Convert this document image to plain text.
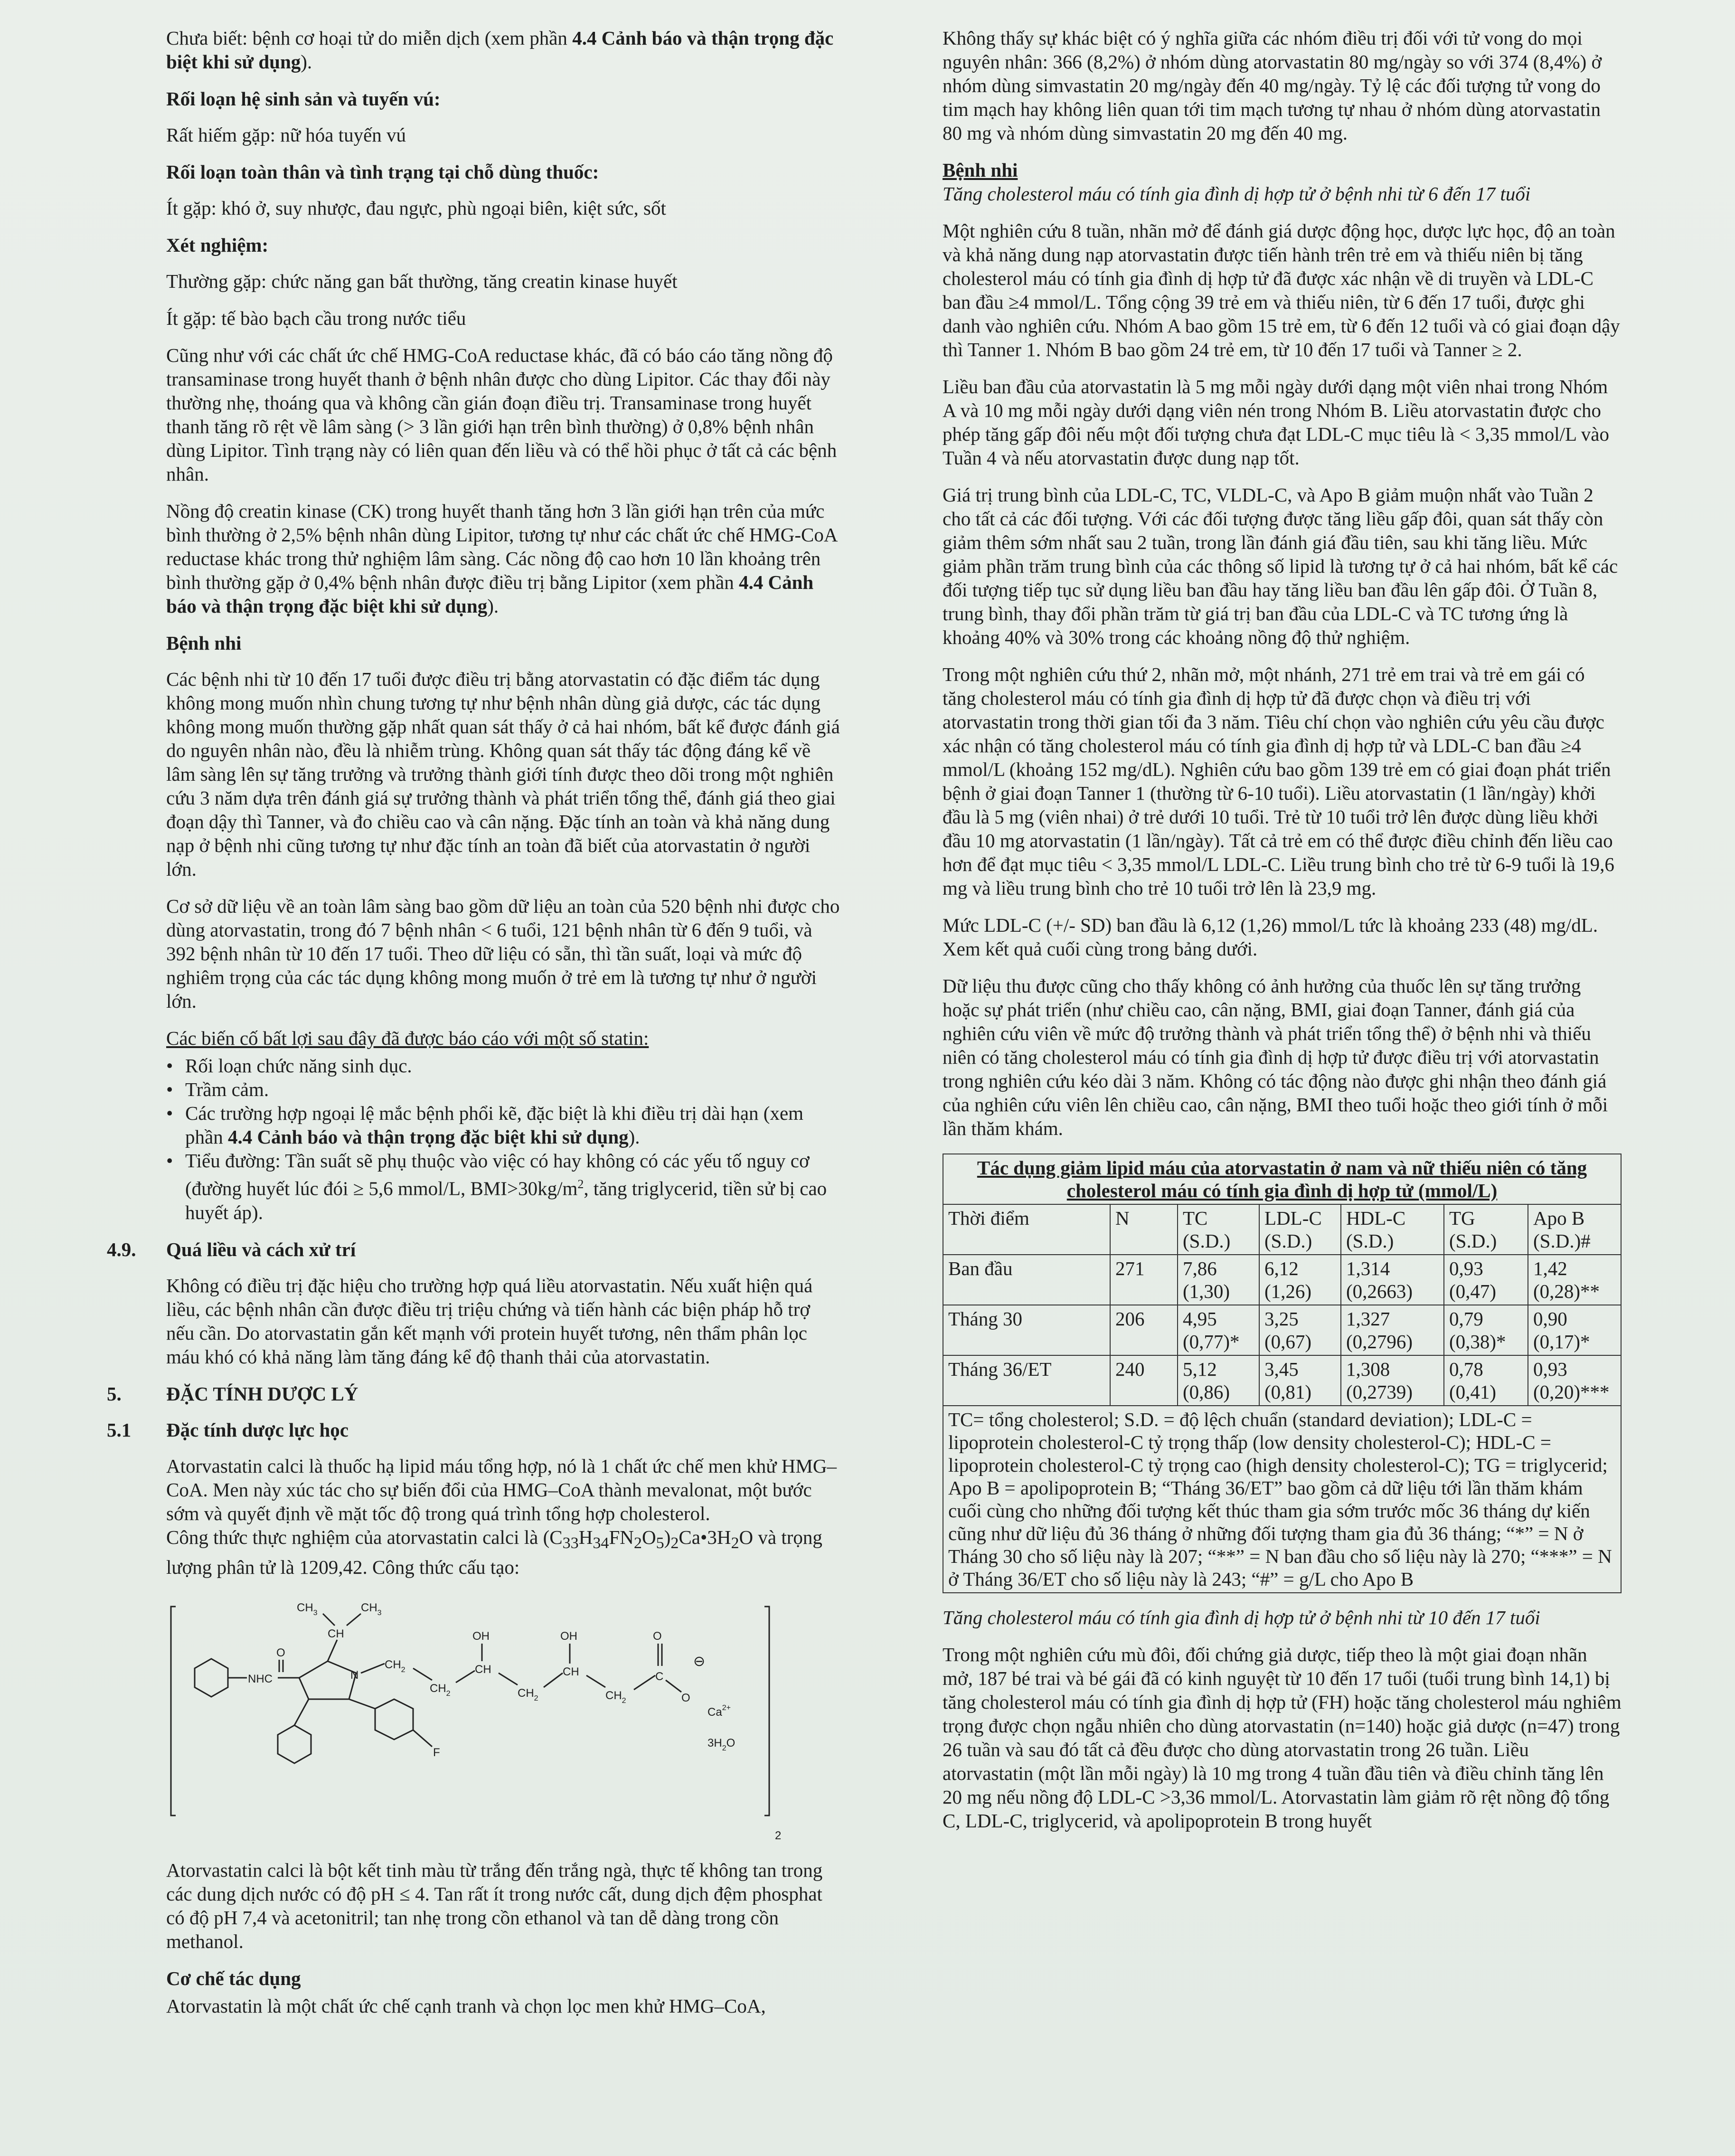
Chưa biết: bệnh cơ hoại tử do miễn dịch (xem phần 4.4 Cảnh báo và thận trọng đặc biệt khi sử dụng).

Rối loạn hệ sinh sản và tuyến vú:

Rất hiếm gặp: nữ hóa tuyến vú

Rối loạn toàn thân và tình trạng tại chỗ dùng thuốc:

Ít gặp: khó ở, suy nhược, đau ngực, phù ngoại biên, kiệt sức, sốt

Xét nghiệm:

Thường gặp: chức năng gan bất thường, tăng creatin kinase huyết

Ít gặp: tế bào bạch cầu trong nước tiểu

Cũng như với các chất ức chế HMG-CoA reductase khác, đã có báo cáo tăng nồng độ transaminase trong huyết thanh ở bệnh nhân được cho dùng Lipitor. Các thay đổi này thường nhẹ, thoáng qua và không cần gián đoạn điều trị. Transaminase trong huyết thanh tăng rõ rệt về lâm sàng (> 3 lần giới hạn trên bình thường) ở 0,8% bệnh nhân dùng Lipitor. Tình trạng này có liên quan đến liều và có thể hồi phục ở tất cả các bệnh nhân.

Nồng độ creatin kinase (CK) trong huyết thanh tăng hơn 3 lần giới hạn trên của mức bình thường ở 2,5% bệnh nhân dùng Lipitor, tương tự như các chất ức chế HMG-CoA reductase khác trong thử nghiệm lâm sàng. Các nồng độ cao hơn 10 lần khoảng trên bình thường gặp ở 0,4% bệnh nhân được điều trị bằng Lipitor (xem phần 4.4 Cảnh báo và thận trọng đặc biệt khi sử dụng).

Bệnh nhi

Các bệnh nhi từ 10 đến 17 tuổi được điều trị bằng atorvastatin có đặc điểm tác dụng không mong muốn nhìn chung tương tự như bệnh nhân dùng giả dược, các tác dụng không mong muốn thường gặp nhất quan sát thấy ở cả hai nhóm, bất kể được đánh giá do nguyên nhân nào, đều là nhiễm trùng. Không quan sát thấy tác động đáng kể về lâm sàng lên sự tăng trưởng và trưởng thành giới tính được theo dõi trong một nghiên cứu 3 năm dựa trên đánh giá sự trưởng thành và phát triển tổng thể, đánh giá theo giai đoạn dậy thì Tanner, và đo chiều cao và cân nặng. Đặc tính an toàn và khả năng dung nạp ở bệnh nhi cũng tương tự như đặc tính an toàn đã biết của atorvastatin ở người lớn.

Cơ sở dữ liệu về an toàn lâm sàng bao gồm dữ liệu an toàn của 520 bệnh nhi được cho dùng atorvastatin, trong đó 7 bệnh nhân < 6 tuổi, 121 bệnh nhân từ 6 đến 9 tuổi, và 392 bệnh nhân từ 10 đến 17 tuổi. Theo dữ liệu có sẵn, thì tần suất, loại và mức độ nghiêm trọng của các tác dụng không mong muốn ở trẻ em là tương tự như ở người lớn.

Các biến cố bất lợi sau đây đã được báo cáo với một số statin:

• Rối loạn chức năng sinh dục.
• Trầm cảm.
• Các trường hợp ngoại lệ mắc bệnh phổi kẽ, đặc biệt là khi điều trị dài hạn (xem phần 4.4 Cảnh báo và thận trọng đặc biệt khi sử dụng).
• Tiểu đường: Tần suất sẽ phụ thuộc vào việc có hay không có các yếu tố nguy cơ (đường huyết lúc đói ≥ 5,6 mmol/L, $BMI>30kg/m^2$, tăng triglycerid, tiền sử bị cao huyết áp).

4.9. Quá liều và cách xử trí

Không có điều trị đặc hiệu cho trường hợp quá liều atorvastatin. Nếu xuất hiện quá liều, các bệnh nhân cần được điều trị triệu chứng và tiến hành các biện pháp hỗ trợ nếu cần. Do atorvastatin gắn kết mạnh với protein huyết tương, nên thẩm phân lọc máu khó có khả năng làm tăng đáng kể độ thanh thải của atorvastatin.

5. ĐẶC TÍNH DƯỢC LÝ

5.1 Đặc tính dược lực học

Atorvastatin calci là thuốc hạ lipid máu tổng hợp, nó là 1 chất ức chế men khử HMG–CoA. Men này xúc tác cho sự biến đổi của HMG–CoA thành mevalonat, một bước sớm và quyết định về mặt tốc độ trong quá trình tổng hợp cholesterol.

Công thức thực nghiệm của atorvastatin calci là $(C_{33}H_{34}FN_2O_5)_2Ca•3H_2O$ và trọng lượng phân tử là 1209,42. Công thức cấu tạo:

2
NHC
O
N
CH
$CH_3$	$CH_3$
F
$CH_2$
$CH_2$
CH
OH
$CH_2$
CH
OH
$CH_2$
C
O
O
⊖
$Ca^{2+}$
$3H_2O$

Atorvastatin calci là bột kết tinh màu từ trắng đến trắng ngà, thực tế không tan trong các dung dịch nước có độ pH ≤ 4. Tan rất ít trong nước cất, dung dịch đệm phosphat có độ pH 7,4 và acetonitril; tan nhẹ trong cồn ethanol và tan dễ dàng trong cồn methanol.

Cơ chế tác dụng

Atorvastatin là một chất ức chế cạnh tranh và chọn lọc men khử HMG–CoA,

Không thấy sự khác biệt có ý nghĩa giữa các nhóm điều trị đối với tử vong do mọi nguyên nhân: 366 (8,2%) ở nhóm dùng atorvastatin 80 mg/ngày so với 374 (8,4%) ở nhóm dùng simvastatin 20 mg/ngày đến 40 mg/ngày. Tỷ lệ các đối tượng tử vong do tim mạch hay không liên quan tới tim mạch tương tự nhau ở nhóm dùng atorvastatin 80 mg và nhóm dùng simvastatin 20 mg đến 40 mg.

Bệnh nhi

Tăng cholesterol máu có tính gia đình dị hợp tử ở bệnh nhi từ 6 đến 17 tuổi

Một nghiên cứu 8 tuần, nhãn mở để đánh giá dược động học, dược lực học, độ an toàn và khả năng dung nạp atorvastatin được tiến hành trên trẻ em và thiếu niên bị tăng cholesterol máu có tính gia đình dị hợp tử đã được xác nhận về di truyền và LDL-C ban đầu ≥4 mmol/L. Tổng cộng 39 trẻ em và thiếu niên, từ 6 đến 17 tuổi, được ghi danh vào nghiên cứu. Nhóm A bao gồm 15 trẻ em, từ 6 đến 12 tuổi và có giai đoạn dậy thì Tanner 1. Nhóm B bao gồm 24 trẻ em, từ 10 đến 17 tuổi và Tanner ≥ 2.

Liều ban đầu của atorvastatin là 5 mg mỗi ngày dưới dạng một viên nhai trong Nhóm A và 10 mg mỗi ngày dưới dạng viên nén trong Nhóm B. Liều atorvastatin được cho phép tăng gấp đôi nếu một đối tượng chưa đạt LDL-C mục tiêu là < 3,35 mmol/L vào Tuần 4 và nếu atorvastatin được dung nạp tốt.

Giá trị trung bình của LDL-C, TC, VLDL-C, và Apo B giảm muộn nhất vào Tuần 2 cho tất cả các đối tượng. Với các đối tượng được tăng liều gấp đôi, quan sát thấy còn giảm thêm sớm nhất sau 2 tuần, trong lần đánh giá đầu tiên, sau khi tăng liều. Mức giảm phần trăm trung bình của các thông số lipid là tương tự ở cả hai nhóm, bất kể các đối tượng tiếp tục sử dụng liều ban đầu hay tăng liều ban đầu lên gấp đôi. Ở Tuần 8, trung bình, thay đổi phần trăm từ giá trị ban đầu của LDL-C và TC tương ứng là khoảng 40% và 30% trong các khoảng nồng độ thử nghiệm.

Trong một nghiên cứu thứ 2, nhãn mở, một nhánh, 271 trẻ em trai và trẻ em gái có tăng cholesterol máu có tính gia đình dị hợp tử đã được chọn và điều trị với atorvastatin trong thời gian tối đa 3 năm. Tiêu chí chọn vào nghiên cứu yêu cầu được xác nhận có tăng cholesterol máu có tính gia đình dị hợp tử và LDL-C ban đầu ≥4 mmol/L (khoảng 152 mg/dL). Nghiên cứu bao gồm 139 trẻ em có giai đoạn phát triển bệnh ở giai đoạn Tanner 1 (thường từ 6-10 tuổi). Liều atorvastatin (1 lần/ngày) khởi đầu là 5 mg (viên nhai) ở trẻ dưới 10 tuổi. Trẻ từ 10 tuổi trở lên được dùng liều khởi đầu 10 mg atorvastatin (1 lần/ngày). Tất cả trẻ em có thể được điều chỉnh đến liều cao hơn để đạt mục tiêu < 3,35 mmol/L LDL-C. Liều trung bình cho trẻ từ 6-9 tuổi là 19,6 mg và liều trung bình cho trẻ 10 tuổi trở lên là 23,9 mg.

Mức LDL-C (+/- SD) ban đầu là 6,12 (1,26) mmol/L tức là khoảng 233 (48) mg/dL. Xem kết quả cuối cùng trong bảng dưới.

Dữ liệu thu được cũng cho thấy không có ảnh hưởng của thuốc lên sự tăng trưởng hoặc sự phát triển (như chiều cao, cân nặng, BMI, giai đoạn Tanner, đánh giá của nghiên cứu viên về mức độ trưởng thành và phát triển tổng thể) ở bệnh nhi và thiếu niên có tăng cholesterol máu có tính gia đình dị hợp tử được điều trị với atorvastatin trong nghiên cứu kéo dài 3 năm. Không có tác động nào được ghi nhận theo đánh giá của nghiên cứu viên lên chiều cao, cân nặng, BMI theo tuổi hoặc theo giới tính ở mỗi lần thăm khám.

Tác dụng giảm lipid máu của atorvastatin ở nam và nữ thiếu niên có tăng cholesterol máu có tính gia đình dị hợp tử (mmol/L)						
Thời điểm	N	TC (S.D.)	LDL-C (S.D.)	HDL-C (S.D.)	TG (S.D.)	Apo B (S.D.)#
Ban đầu	271	7,86 (1,30)	6,12 (1,26)	1,314 (0,2663)	0,93 (0,47)	1,42 (0,28)**
Tháng 30	206	4,95 (0,77)*	3,25 (0,67)	1,327 (0,2796)	0,79 (0,38)*	0,90 (0,17)*
Tháng 36/ET	240	5,12 (0,86)	3,45 (0,81)	1,308 (0,2739)	0,78 (0,41)	0,93 (0,20)***
TC= tổng cholesterol; S.D. = độ lệch chuẩn (standard deviation); LDL-C = lipoprotein cholesterol-C tỷ trọng thấp (low density cholesterol-C); HDL-C = lipoprotein cholesterol-C tỷ trọng cao (high density cholesterol-C); TG = triglycerid; Apo B = apolipoprotein B; “Tháng 36/ET” bao gồm cả dữ liệu tới lần thăm khám cuối cùng cho những đối tượng kết thúc tham gia sớm trước mốc 36 tháng dự kiến cũng như dữ liệu đủ 36 tháng ở những đối tượng tham gia đủ 36 tháng; “*” = N ở Tháng 30 cho số liệu này là 207; “**” = N ban đầu cho số liệu này là 270; “***” = N ở Tháng 36/ET cho số liệu này là 243; “#” = g/L cho Apo B						

Tăng cholesterol máu có tính gia đình dị hợp tử ở bệnh nhi từ 10 đến 17 tuổi

Trong một nghiên cứu mù đôi, đối chứng giả dược, tiếp theo là một giai đoạn nhãn mở, 187 bé trai và bé gái đã có kinh nguyệt từ 10 đến 17 tuổi (tuổi trung bình 14,1) bị tăng cholesterol máu có tính gia đình dị hợp tử (FH) hoặc tăng cholesterol máu nghiêm trọng được chọn ngẫu nhiên cho dùng atorvastatin (n=140) hoặc giả dược (n=47) trong 26 tuần và sau đó tất cả đều được cho dùng atorvastatin trong 26 tuần. Liều atorvastatin (một lần mỗi ngày) là 10 mg trong 4 tuần đầu tiên và điều chỉnh tăng lên 20 mg nếu nồng độ LDL-C >3,36 mmol/L. Atorvastatin làm giảm rõ rệt nồng độ tổng C, LDL-C, triglycerid, và apolipoprotein B trong huyết
